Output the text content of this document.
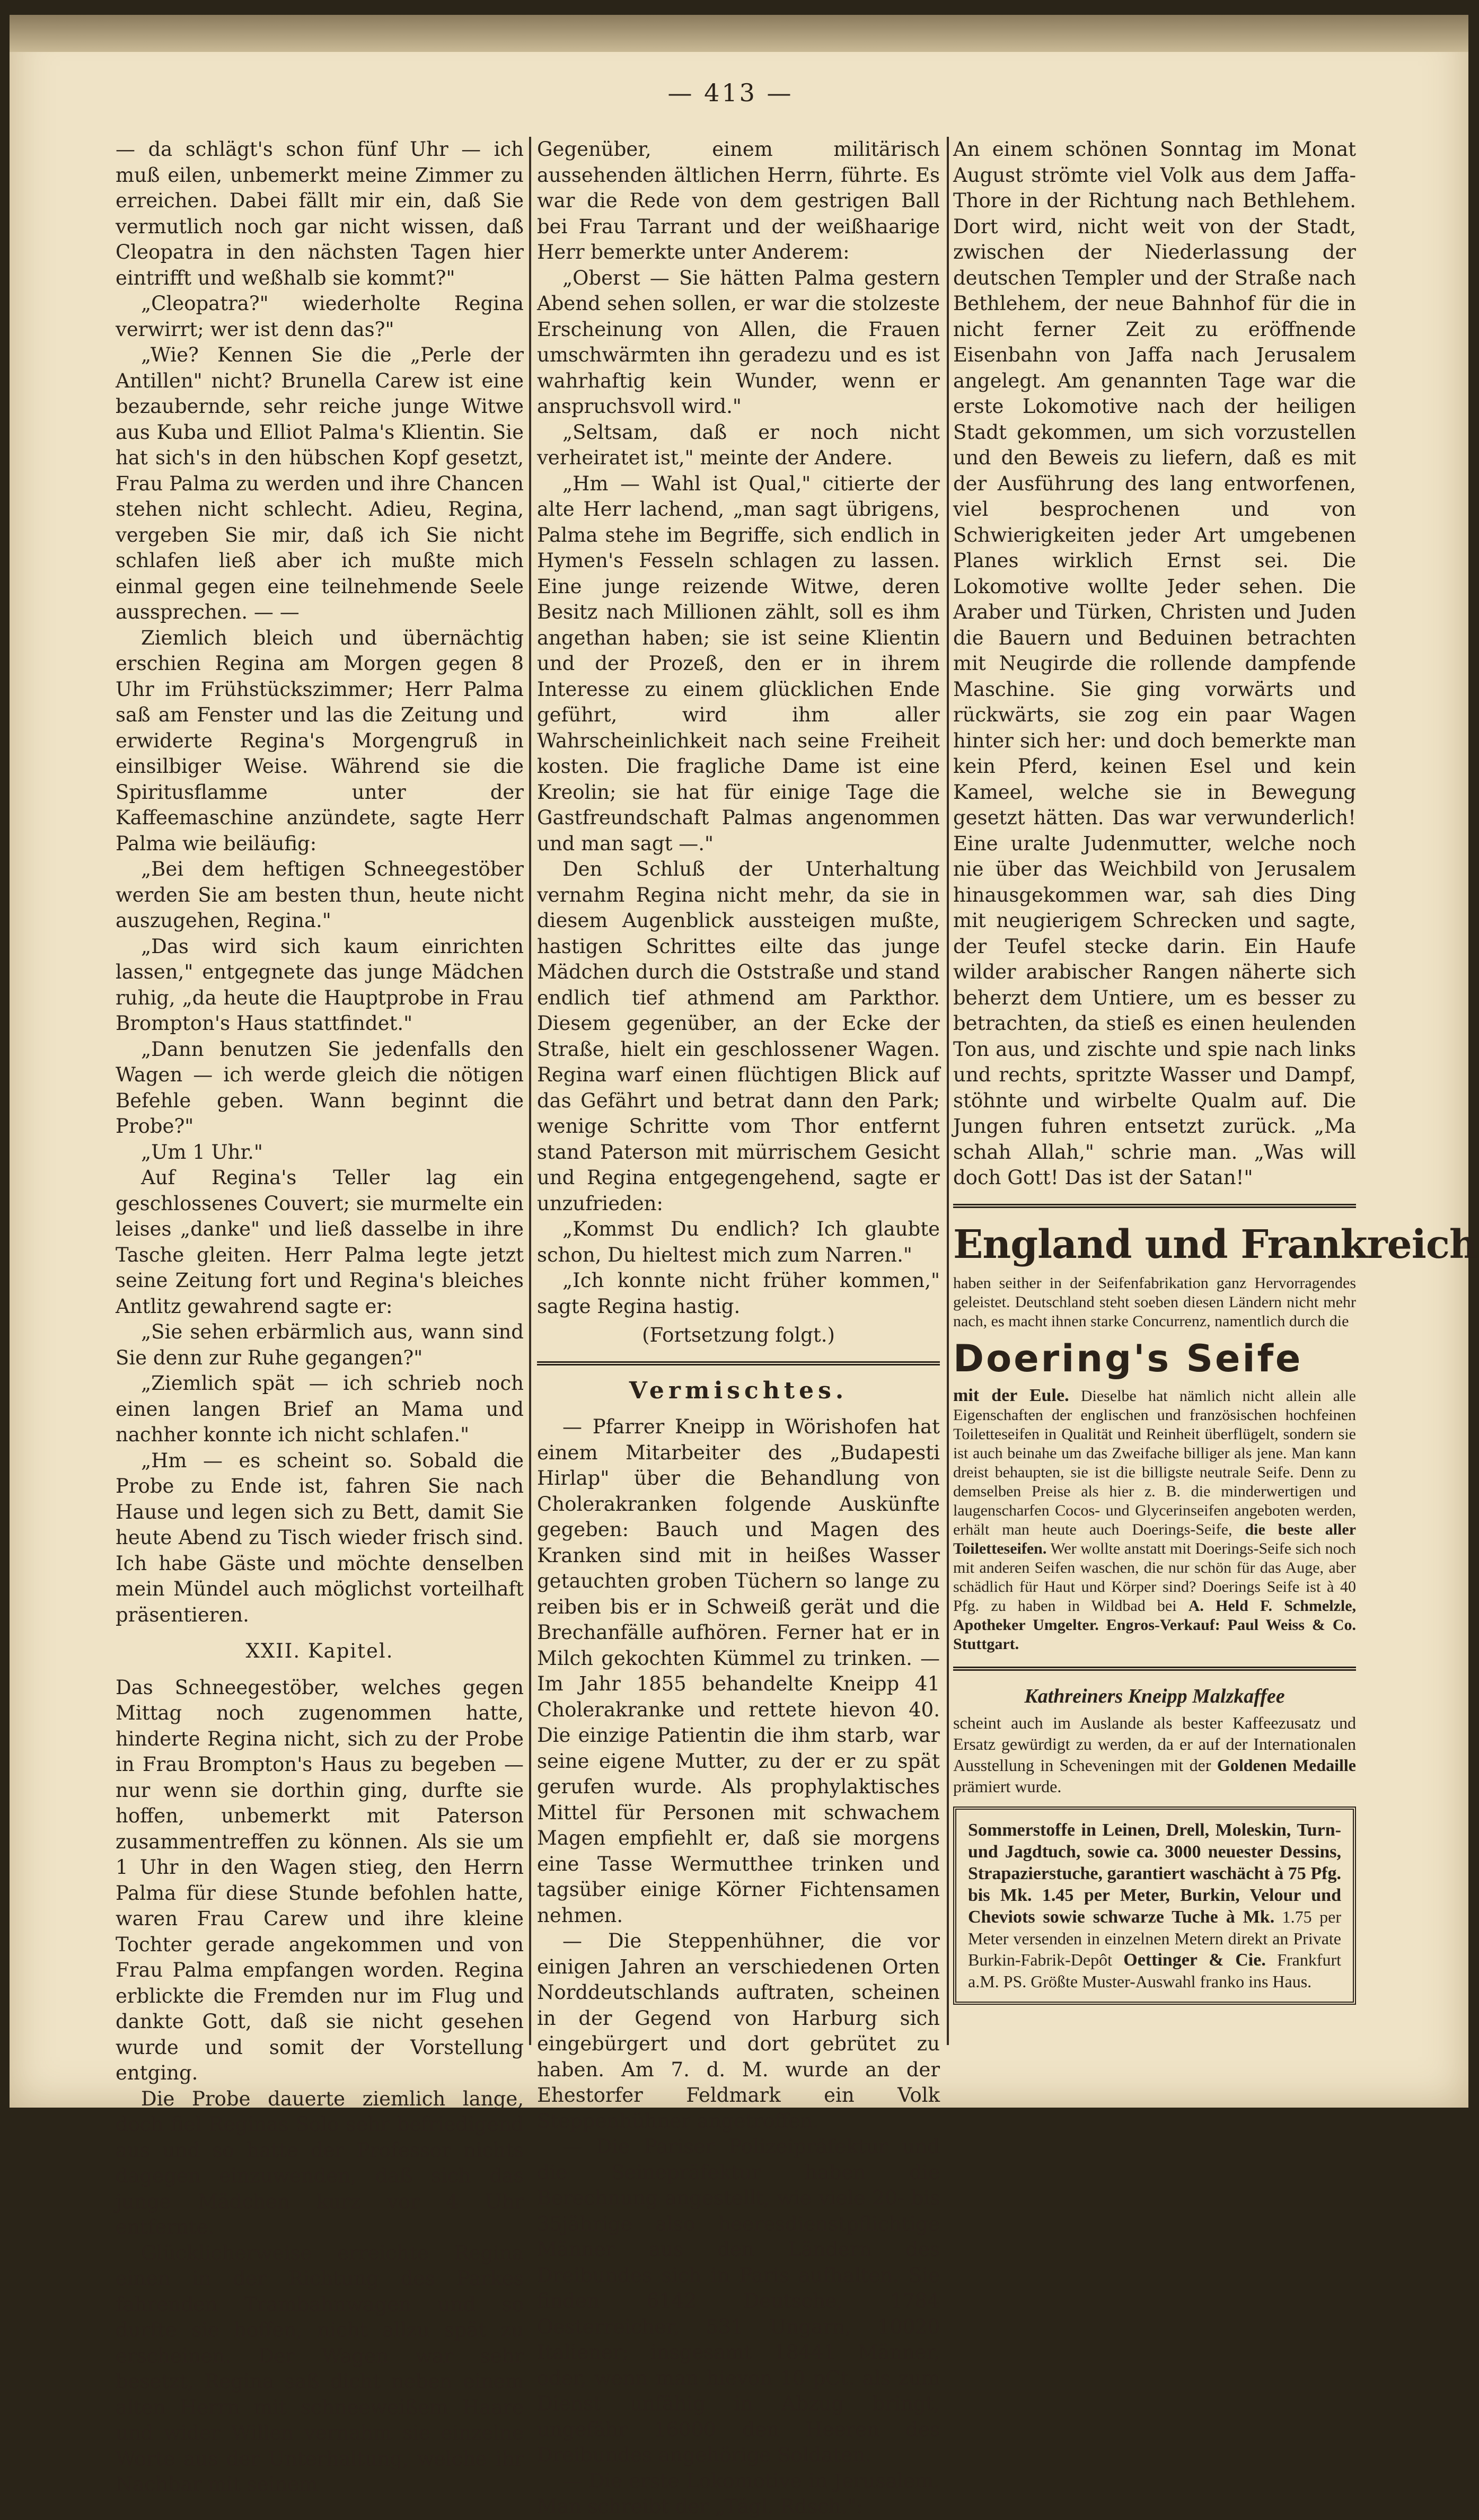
— 413 —

— da schlägt's schon fünf Uhr — ich muß eilen, unbemerkt meine Zimmer zu erreichen. Dabei fällt mir ein, daß Sie vermutlich noch gar nicht wissen, daß Cleopatra in den nächsten Tagen hier eintrifft und weßhalb sie kommt?"

„Cleopatra?" wiederholte Regina verwirrt; wer ist denn das?"

„Wie? Kennen Sie die „Perle der Antillen" nicht? Brunella Carew ist eine bezaubernde, sehr reiche junge Witwe aus Kuba und Elliot Palma's Klientin. Sie hat sich's in den hübschen Kopf gesetzt, Frau Palma zu werden und ihre Chancen stehen nicht schlecht. Adieu, Regina, vergeben Sie mir, daß ich Sie nicht schlafen ließ aber ich mußte mich einmal gegen eine teilnehmende Seele aussprechen. — —

Ziemlich bleich und übernächtig erschien Regina am Morgen gegen 8 Uhr im Frühstückszimmer; Herr Palma saß am Fenster und las die Zeitung und erwiderte Regina's Morgengruß in einsilbiger Weise. Während sie die Spiritusflamme unter der Kaffeemaschine anzündete, sagte Herr Palma wie beiläufig:

„Bei dem heftigen Schneegestöber werden Sie am besten thun, heute nicht auszugehen, Regina."

„Das wird sich kaum einrichten lassen," entgegnete das junge Mädchen ruhig, „da heute die Hauptprobe in Frau Brompton's Haus stattfindet."

„Dann benutzen Sie jedenfalls den Wagen — ich werde gleich die nötigen Befehle geben. Wann beginnt die Probe?"

„Um 1 Uhr."

Auf Regina's Teller lag ein geschlossenes Couvert; sie murmelte ein leises „danke" und ließ dasselbe in ihre Tasche gleiten. Herr Palma legte jetzt seine Zeitung fort und Regina's bleiches Antlitz gewahrend sagte er:

„Sie sehen erbärmlich aus, wann sind Sie denn zur Ruhe gegangen?"

„Ziemlich spät — ich schrieb noch einen langen Brief an Mama und nachher konnte ich nicht schlafen."

„Hm — es scheint so. Sobald die Probe zu Ende ist, fahren Sie nach Hause und legen sich zu Bett, damit Sie heute Abend zu Tisch wieder frisch sind. Ich habe Gäste und möchte denselben mein Mündel auch möglichst vorteilhaft präsentieren.

XXII. Kapitel.

Das Schneegestöber, welches gegen Mittag noch zugenommen hatte, hinderte Regina nicht, sich zu der Probe in Frau Brompton's Haus zu begeben — nur wenn sie dorthin ging, durfte sie hoffen, unbemerkt mit Paterson zusammentreffen zu können. Als sie um 1 Uhr in den Wagen stieg, den Herrn Palma für diese Stunde befohlen hatte, waren Frau Carew und ihre kleine Tochter gerade angekommen und von Frau Palma empfangen worden. Regina erblickte die Fremden nur im Flug und dankte Gott, daß sie nicht gesehen wurde und somit der Vorstellung entging.

Die Probe dauerte ziemlich lange, doch fiel Reginas Solo sehr befriedigend aus und so hatte der Professor nichts dagegen einzuwenden, daß sich das junge Mädchen kurz vor 4 Uhr entfernte.

Glücklicherweise erreichte Regina einen in der Richtung des Parkes fahrenden Trambahnwagen und so durfte sie hoffen, nicht allzu spät zu erscheinen. Der Wagen war sehr besetzt, Regina saß dicht neben einem alten Herrn mit schneeweißem Haare und wider Willen vernahm sie einzelne Worte aus der Unterhaltung, welche ihr Nachbar mit seinem

Gegenüber, einem militärisch aussehenden ältlichen Herrn, führte. Es war die Rede von dem gestrigen Ball bei Frau Tarrant und der weißhaarige Herr bemerkte unter Anderem:

„Oberst — Sie hätten Palma gestern Abend sehen sollen, er war die stolzeste Erscheinung von Allen, die Frauen umschwärmten ihn geradezu und es ist wahrhaftig kein Wunder, wenn er anspruchsvoll wird."

„Seltsam, daß er noch nicht verheiratet ist," meinte der Andere.

„Hm — Wahl ist Qual," citierte der alte Herr lachend, „man sagt übrigens, Palma stehe im Begriffe, sich endlich in Hymen's Fesseln schlagen zu lassen. Eine junge reizende Witwe, deren Besitz nach Millionen zählt, soll es ihm angethan haben; sie ist seine Klientin und der Prozeß, den er in ihrem Interesse zu einem glücklichen Ende geführt, wird ihm aller Wahrscheinlichkeit nach seine Freiheit kosten. Die fragliche Dame ist eine Kreolin; sie hat für einige Tage die Gastfreundschaft Palmas angenommen und man sagt —."

Den Schluß der Unterhaltung vernahm Regina nicht mehr, da sie in diesem Augenblick aussteigen mußte, hastigen Schrittes eilte das junge Mädchen durch die Oststraße und stand endlich tief athmend am Parkthor. Diesem gegenüber, an der Ecke der Straße, hielt ein geschlossener Wagen. Regina warf einen flüchtigen Blick auf das Gefährt und betrat dann den Park; wenige Schritte vom Thor entfernt stand Paterson mit mürrischem Gesicht und Regina entgegengehend, sagte er unzufrieden:

„Kommst Du endlich? Ich glaubte schon, Du hieltest mich zum Narren."

„Ich konnte nicht früher kommen," sagte Regina hastig.

(Fortsetzung folgt.)
Vermischtes.

— Pfarrer Kneipp in Wörishofen hat einem Mitarbeiter des „Budapesti Hirlap" über die Behandlung von Cholerakranken folgende Auskünfte gegeben: Bauch und Magen des Kranken sind mit in heißes Wasser getauchten groben Tüchern so lange zu reiben bis er in Schweiß gerät und die Brechanfälle aufhören. Ferner hat er in Milch gekochten Kümmel zu trinken. — Im Jahr 1855 behandelte Kneipp 41 Cholerakranke und rettete hievon 40. Die einzige Patientin die ihm starb, war seine eigene Mutter, zu der er zu spät gerufen wurde. Als prophylaktisches Mittel für Personen mit schwachem Magen empfiehlt er, daß sie morgens eine Tasse Wermutthee trinken und tagsüber einige Körner Fichtensamen nehmen.

— Die Steppenhühner, die vor einigen Jahren an verschiedenen Orten Norddeutschlands auftraten, scheinen in der Gegend von Harburg sich eingebürgert und dort gebrütet zu haben. Am 7. d. M. wurde an der Ehestorfer Feldmark ein Volk Steppenhühner angetroffen.

— Die Pariser Polizeipräfektur und die Seinepräfektur haben die Berechnung angestellt, wie viele 20- bis 35jährige also heeresdienstpflichtige Männer aus den Ländern des Dreibundes sich in Paris aufhalten. Sie finden 6142 Deutsche, 1784 Oesterreicher, 531 Ungarn, 10020 Italiener; insgesamt 18441 Männer, oder, wenn man hievon 10 pCt. als zum Dienst unfähig in Abzug bringt, ungefähr 16000 den Heeren des Dreibundes angehörige Soldaten.

— Die erste Lokomotive in Jerusalem. Man schreibt der „Tägl. Rdsch.":

An einem schönen Sonntag im Monat August strömte viel Volk aus dem Jaffa-Thore in der Richtung nach Bethlehem. Dort wird, nicht weit von der Stadt, zwischen der Niederlassung der deutschen Templer und der Straße nach Bethlehem, der neue Bahnhof für die in nicht ferner Zeit zu eröffnende Eisenbahn von Jaffa nach Jerusalem angelegt. Am genannten Tage war die erste Lokomotive nach der heiligen Stadt gekommen, um sich vorzustellen und den Beweis zu liefern, daß es mit der Ausführung des lang entworfenen, viel besprochenen und von Schwierigkeiten jeder Art umgebenen Planes wirklich Ernst sei. Die Lokomotive wollte Jeder sehen. Die Araber und Türken, Christen und Juden die Bauern und Beduinen betrachten mit Neugirde die rollende dampfende Maschine. Sie ging vorwärts und rückwärts, sie zog ein paar Wagen hinter sich her: und doch bemerkte man kein Pferd, keinen Esel und kein Kameel, welche sie in Bewegung gesetzt hätten. Das war verwunderlich! Eine uralte Judenmutter, welche noch nie über das Weichbild von Jerusalem hinausgekommen war, sah dies Ding mit neugierigem Schrecken und sagte, der Teufel stecke darin. Ein Haufe wilder arabischer Rangen näherte sich beherzt dem Untiere, um es besser zu betrachten, da stieß es einen heulenden Ton aus, und zischte und spie nach links und rechts, spritzte Wasser und Dampf, stöhnte und wirbelte Qualm auf. Die Jungen fuhren entsetzt zurück. „Ma schah Allah," schrie man. „Was will doch Gott! Das ist der Satan!"

England und Frankreich
haben seither in der Seifenfabrikation ganz Hervorragendes geleistet. Deutschland steht soeben diesen Ländern nicht mehr nach, es macht ihnen starke Concurrenz, namentlich durch die
Doering's Seife
mit der Eule. Dieselbe hat nämlich nicht allein alle Eigenschaften der englischen und französischen hochfeinen Toiletteseifen in Qualität und Reinheit überflügelt, sondern sie ist auch beinahe um das Zweifache billiger als jene. Man kann dreist behaupten, sie ist die billigste neutrale Seife. Denn zu demselben Preise als hier z. B. die minderwertigen und laugenscharfen Cocos- und Glycerinseifen angeboten werden, erhält man heute auch Doerings-Seife, die beste aller Toiletteseifen. Wer wollte anstatt mit Doerings-Seife sich noch mit anderen Seifen waschen, die nur schön für das Auge, aber schädlich für Haut und Körper sind? Doerings Seife ist à 40 Pfg. zu haben in Wildbad bei A. Held F. Schmelzle, Apotheker Umgelter. Engros-Verkauf: Paul Weiss & Co. Stuttgart.
Kathreiners Kneipp Malzkaffee
scheint auch im Auslande als bester Kaffeezusatz und Ersatz gewürdigt zu werden, da er auf der Internationalen Ausstellung in Scheveningen mit der Goldenen Medaille prämiert wurde.
Sommerstoffe in Leinen, Drell, Moleskin, Turn- und Jagdtuch, sowie ca. 3000 neuester Dessins, Strapazierstuche, garantiert waschächt à 75 Pfg. bis Mk. 1.45 per Meter, Burkin, Velour und Cheviots sowie schwarze Tuche à Mk. 1.75 per Meter versenden in einzelnen Metern direkt an Private Burkin-Fabrik-Depôt Oettinger & Cie. Frankfurt a.M. PS. Größte Muster-Auswahl franko ins Haus.
